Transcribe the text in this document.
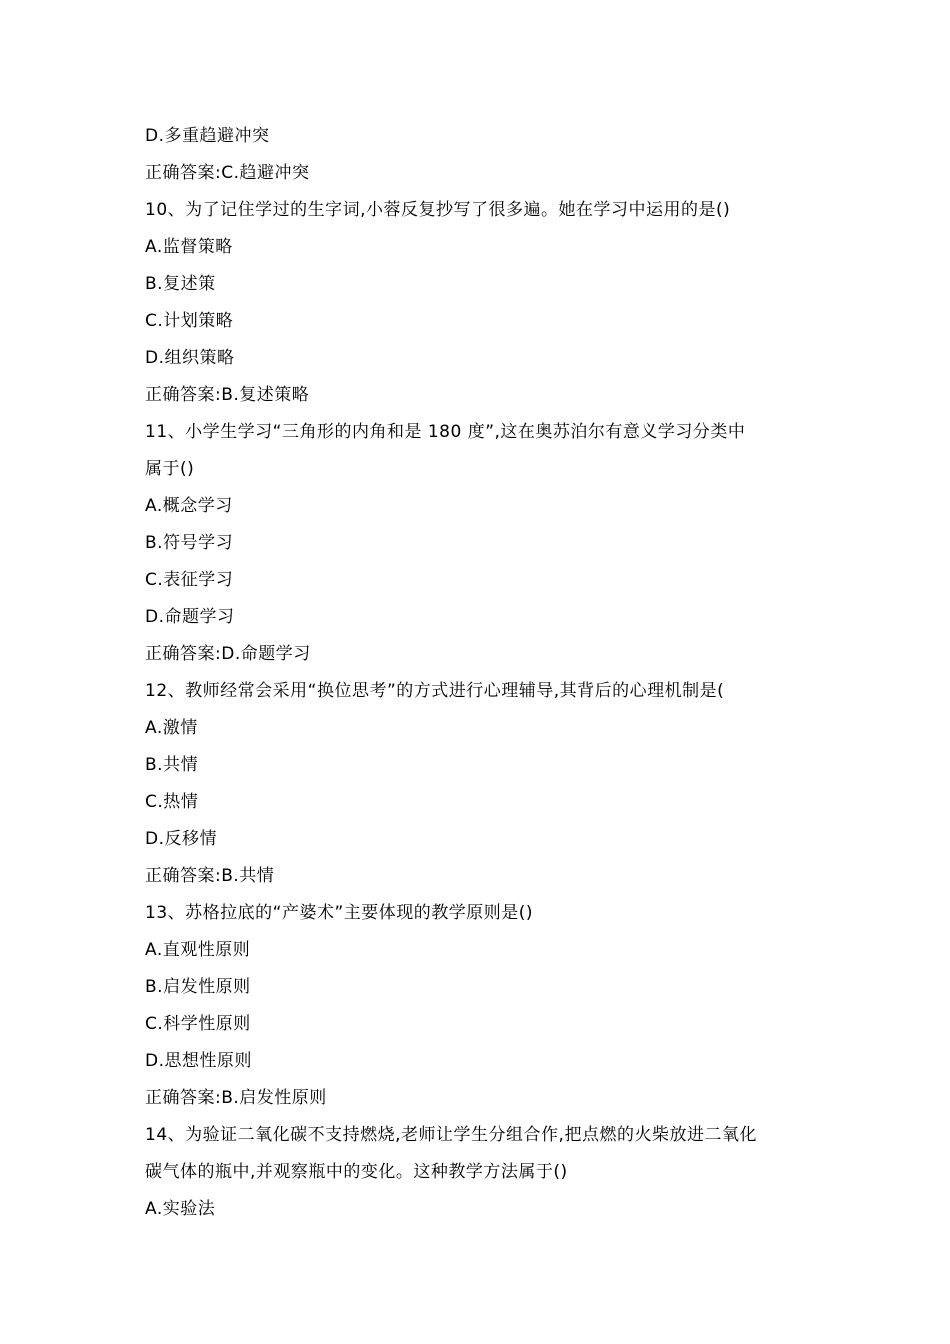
D.多重趋避冲突
正确答案:C.趋避冲突
10、为了记住学过的生字词,小蓉反复抄写了很多遍。她在学习中运用的是()
A.监督策略
B.复述策
C.计划策略
D.组织策略
正确答案:B.复述策略
11、小学生学习“三角形的内角和是 180 度”,这在奥苏泊尔有意义学习分类中
属于()
A.概念学习
B.符号学习
C.表征学习
D.命题学习
正确答案:D.命题学习
12、教师经常会采用“换位思考”的方式进行心理辅导,其背后的心理机制是(
A.激情
B.共情
C.热情
D.反移情
正确答案:B.共情
13、苏格拉底的“产婆术”主要体现的教学原则是()
A.直观性原则
B.启发性原则
C.科学性原则
D.思想性原则
正确答案:B.启发性原则
14、为验证二氧化碳不支持燃烧,老师让学生分组合作,把点燃的火柴放进二氧化
碳气体的瓶中,并观察瓶中的变化。这种教学方法属于()
A.实验法
